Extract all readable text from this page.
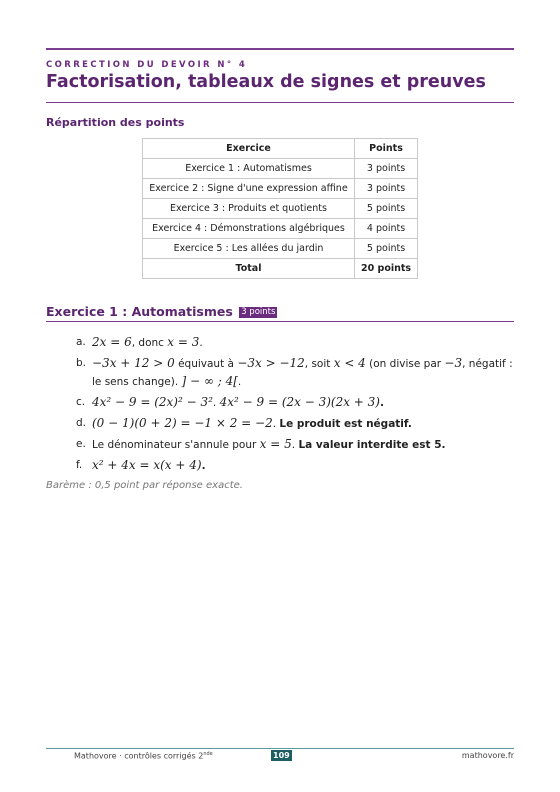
CORRECTION DU DEVOIR N° 4
Factorisation, tableaux de signes et preuves
Répartition des points
Exercice	Points
Exercice 1 : Automatismes	3 points
Exercice 2 : Signe d'une expression affine	3 points
Exercice 3 : Produits et quotients	5 points
Exercice 4 : Démonstrations algébriques	4 points
Exercice 5 : Les allées du jardin	5 points
Total	20 points
Exercice 1 : Automatismes 3 points
a. 2x = 6, donc x = 3.
b. −3x + 12 > 0 équivaut à −3x > −12, soit x < 4 (on divise par −3, négatif : le sens change). ] − ∞ ; 4[.
c. 4x² − 9 = (2x)² − 3². 4x² − 9 = (2x − 3)(2x + 3).
d. (0 − 1)(0 + 2) = −1 × 2 = −2. Le produit est négatif.
e. Le dénominateur s'annule pour x = 5. La valeur interdite est 5.
f. x² + 4x = x(x + 4).
Barème : 0,5 point par réponse exacte.
Mathovore · contrôles corrigés 2nde	109	mathovore.fr
